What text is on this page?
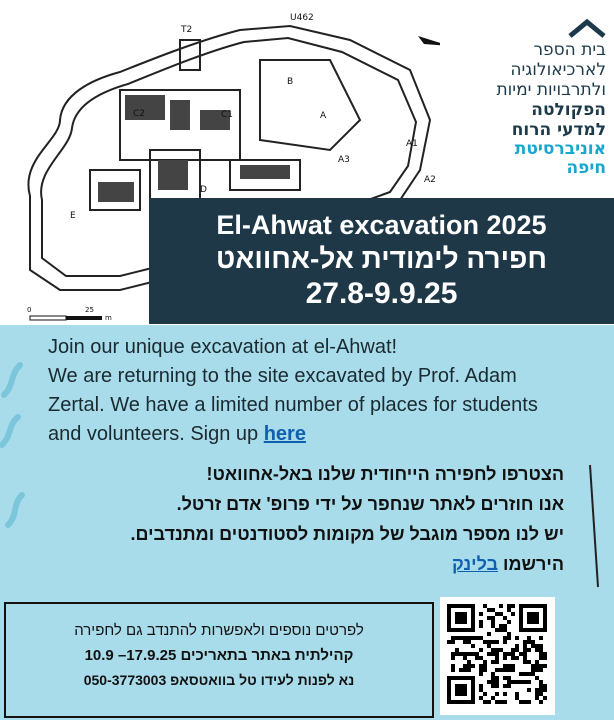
T2
U462
B
C2	C1	A
A1
A2
A3
D
E
0	25
m
בית הספר
לארכיאולוגיה
ולתרבויות ימיות
הפקולטה
למדעי הרוח
אוניברסיטת
חיפה
El-Ahwat excavation 2025
חפירה לימודית אל-אחוואט
27.8-9.9.25
Join our unique excavation at el-Ahwat!
We are returning to the site excavated by Prof. Adam
Zertal. We have a limited number of places for students
and volunteers. Sign up here
הצטרפו לחפירה הייחודית שלנו באל-אחוואט!
אנו חוזרים לאתר שנחפר על ידי פרופ' אדם זרטל.
יש לנו מספר מוגבל של מקומות לסטודנטים ומתנדבים.
הירשמו בלינק
לפרטים נוספים ולאפשרות להתנדב גם לחפירה
קהילתית באתר בתאריכים 17.9.25– 10.9
נא לפנות לעידו טל בוואטסאפ 050-3773003
